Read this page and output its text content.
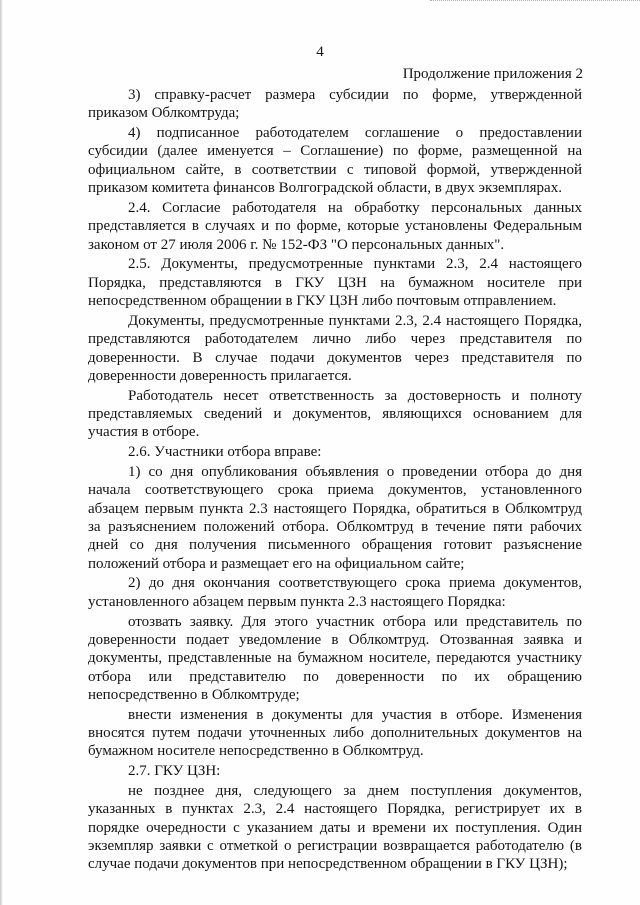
4
Продолжение приложения 2

3) справку-расчет размера субсидии по форме, утвержденной приказом Облкомтруда;

4) подписанное работодателем соглашение о предоставлении субсидии (далее именуется – Соглашение) по форме, размещенной на официальном сайте, в соответствии с типовой формой, утвержденной приказом комитета финансов Волгоградской области, в двух экземплярах.

2.4. Согласие работодателя на обработку персональных данных представляется в случаях и по форме, которые установлены Федеральным законом от 27 июля 2006 г. № 152-ФЗ "О персональных данных".

2.5. Документы, предусмотренные пунктами 2.3, 2.4 настоящего Порядка, представляются в ГКУ ЦЗН на бумажном носителе при непосредственном обращении в ГКУ ЦЗН либо почтовым отправлением.

Документы, предусмотренные пунктами 2.3, 2.4 настоящего Порядка, представляются работодателем лично либо через представителя по доверенности. В случае подачи документов через представителя по доверенности доверенность прилагается.

Работодатель несет ответственность за достоверность и полноту представляемых сведений и документов, являющихся основанием для участия в отборе.

2.6. Участники отбора вправе:

1) со дня опубликования объявления о проведении отбора до дня начала соответствующего срока приема документов, установленного абзацем первым пункта 2.3 настоящего Порядка, обратиться в Облкомтруд за разъяснением положений отбора. Облкомтруд в течение пяти рабочих дней со дня получения письменного обращения готовит разъяснение положений отбора и размещает его на официальном сайте;

2) до дня окончания соответствующего срока приема документов, установленного абзацем первым пункта 2.3 настоящего Порядка:

отозвать заявку. Для этого участник отбора или представитель по доверенности подает уведомление в Облкомтруд. Отозванная заявка и документы, представленные на бумажном носителе, передаются участнику отбора или представителю по доверенности по их обращению непосредственно в Облкомтруде;

внести изменения в документы для участия в отборе. Изменения вносятся путем подачи уточненных либо дополнительных документов на бумажном носителе непосредственно в Облкомтруд.

2.7. ГКУ ЦЗН:

не позднее дня, следующего за днем поступления документов, указанных в пунктах 2.3, 2.4 настоящего Порядка, регистрирует их в порядке очередности с указанием даты и времени их поступления. Один экземпляр заявки с отметкой о регистрации возвращается работодателю (в случае подачи документов при непосредственном обращении в ГКУ ЦЗН);
